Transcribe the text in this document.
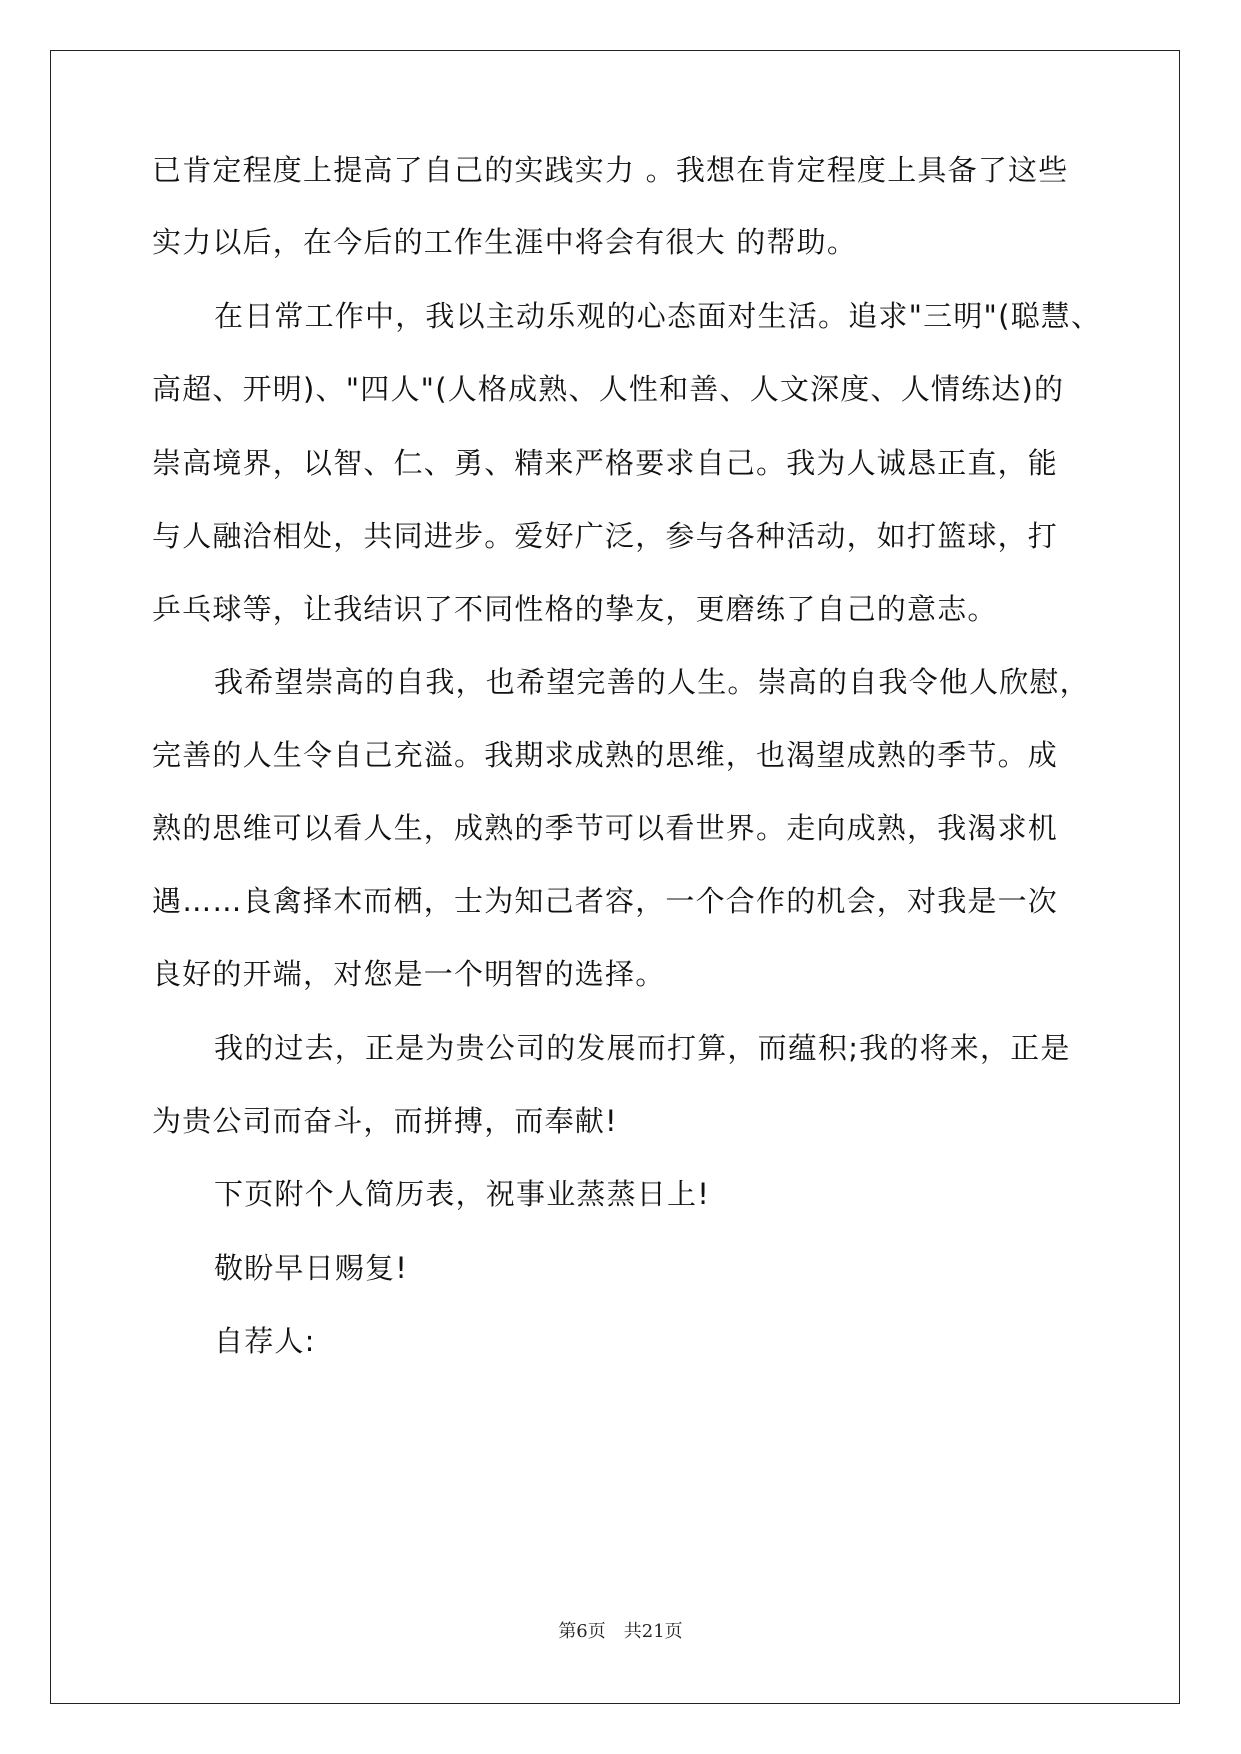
已肯定程度上提高了自己的实践实力 。我想在肯定程度上具备了这些
实力以后，在今后的工作生涯中将会有很大 的帮助。
在日常工作中，我以主动乐观的心态面对生活。追求"三明"(聪慧、
高超、开明)、"四人"(人格成熟、人性和善、人文深度、人情练达)的
崇高境界，以智、仁、勇、精来严格要求自己。我为人诚恳正直，能
与人融洽相处，共同进步。爱好广泛，参与各种活动，如打篮球，打
乒乓球等，让我结识了不同性格的挚友，更磨练了自己的意志。
我希望崇高的自我，也希望完善的人生。崇高的自我令他人欣慰，
完善的人生令自己充溢。我期求成熟的思维，也渴望成熟的季节。成
熟的思维可以看人生，成熟的季节可以看世界。走向成熟，我渴求机
遇……良禽择木而栖，士为知己者容，一个合作的机会，对我是一次
良好的开端，对您是一个明智的选择。
我的过去，正是为贵公司的发展而打算，而蕴积;我的将来，正是
为贵公司而奋斗，而拼搏，而奉献!
下页附个人简历表，祝事业蒸蒸日上!
敬盼早日赐复!
自荐人:
第6页　共21页
